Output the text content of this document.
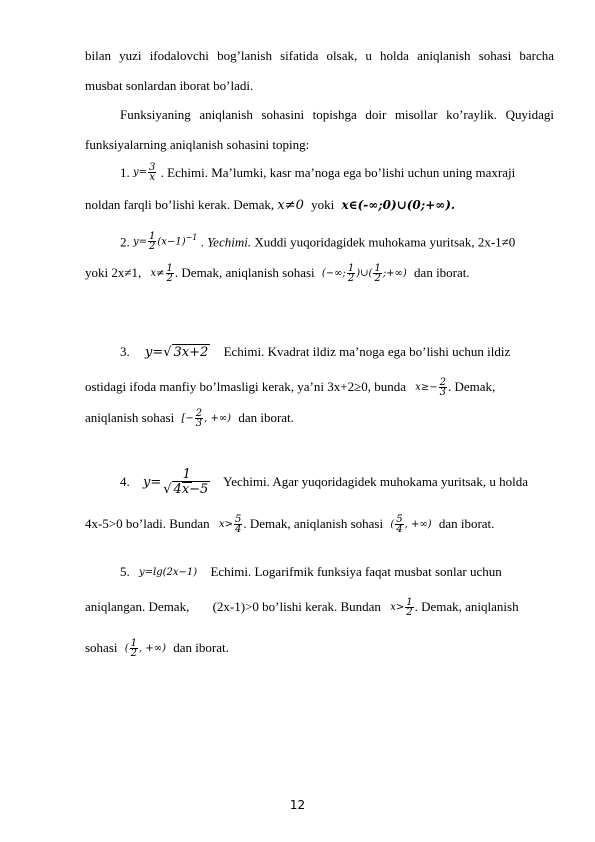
bilan yuzi ifodalovchi bog’lanish sifatida olsak, u holda aniqlanish sohasi barcha
musbat sonlardan iborat bo’ladi.
Funksiyaning aniqlanish sohasini topishga doir misollar ko’raylik. Quyidagi
funksiyalarning aniqlanish sohasini toping:
1. $y= \frac{3}{x}$ . Echimi. Ma’lumki, kasr ma’noga ega bo’lishi uchun uning maxraji
noldan farqli bo’lishi kerak. Demak, x≠0 yoki x∈(-∞;0)∪(0;+∞).
2. $y= \frac{1}{2} (x-1)^{-1}$ . Yechimi. Xuddi yuqoridagidek muhokama yuritsak, 2x-1≠0
yoki 2x≠1, $x\ne \frac{1}{2}$ . Demak, aniqlanish sohasi (−∞; $\frac{1}{2}$ )∪( $\frac{1}{2}$ ;+∞) dan iborat.
3. y=√ 3x+2 Echimi. Kvadrat ildiz ma’noga ega bo’lishi uchun ildiz
ostidagi ifoda manfiy bo’lmasligi kerak, ya’ni 3x+2≥0, bunda $x\ge- \frac{2}{3}$ . Demak,
aniqlanish sohasi [− $\frac{2}{3}$ , +∞) dan iborat.
4. $y= \frac{1}{√ 4x-5}$ Yechimi. Agar yuqoridagidek muhokama yuritsak, u holda
4x-5>0 bo’ladi. Bundan $x> \frac{5}{4}$ . Demak, aniqlanish sohasi ( $\frac{5}{4}$ , +∞) dan iborat.
5. y=lg(2x−1) Echimi. Logarifmik funksiya faqat musbat sonlar uchun
aniqlangan. Demak, (2x-1)>0 bo’lishi kerak. Bundan $x> \frac{1}{2}$ . Demak, aniqlanish
sohasi ( $\frac{1}{2}$ , +∞) dan iborat.
12
